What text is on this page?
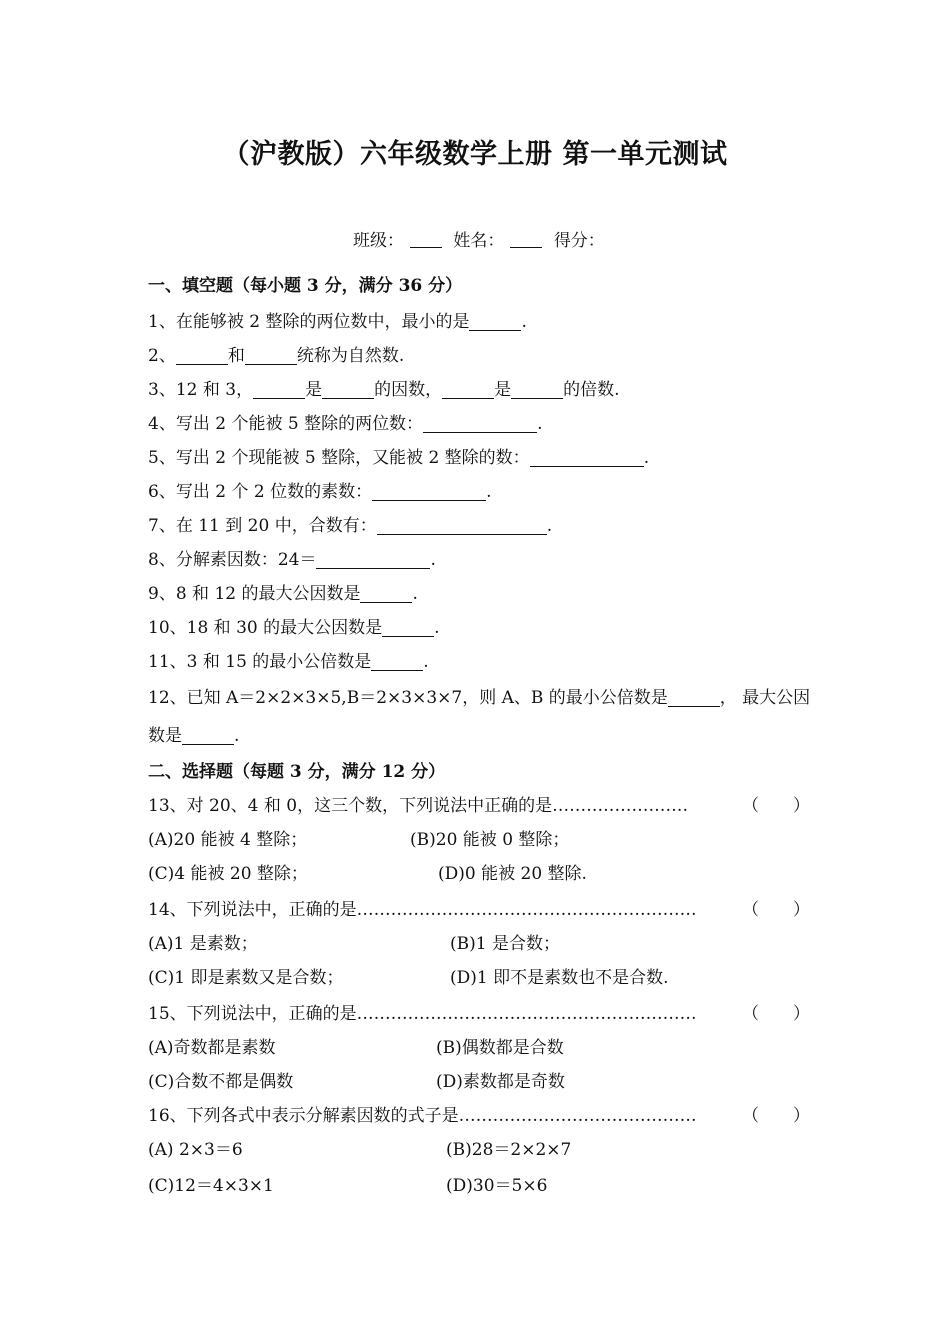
（沪教版）六年级数学上册 第一单元测试
班级：	姓名：	得分：
一、填空题（每小题 3 分，满分 36 分）
1、在能够被 2 整除的两位数中，最小的是	.
2、	和	统称为自然数.
3、12 和 3，	是	的因数，	是	的倍数.
4、写出 2 个能被 5 整除的两位数：	.
5、写出 2 个现能被 5 整除，又能被 2 整除的数：	.
6、写出 2 个 2 位数的素数：	.
7、在 11 到 20 中，合数有：	.
8、分解素因数：24＝	.
9、8 和 12 的最大公因数是	.
10、18 和 30 的最大公因数是	.
11、3 和 15 的最小公倍数是	.
12、已知 A＝2×2×3×5,B＝2×3×3×7，则 A、B 的最小公倍数是	， 最大公因
数是	.
二、选择题（每题 3 分，满分 12 分）
13、对 20、4 和 0，这三个数，下列说法中正确的是……………………	（　　）
(A)20 能被 4 整除；	(B)20 能被 0 整除；
(C)4 能被 20 整除；	(D)0 能被 20 整除.
14、下列说法中，正确的是……………………………………………………	（　　）
(A)1 是素数；	(B)1 是合数；
(C)1 即是素数又是合数；	(D)1 即不是素数也不是合数.
15、下列说法中，正确的是……………………………………………………	（　　）
(A)奇数都是素数	(B)偶数都是合数
(C)合数不都是偶数	(D)素数都是奇数
16、下列各式中表示分解素因数的式子是……………………………………	（　　）
(A) 2×3＝6	(B)28＝2×2×7
(C)12＝4×3×1	(D)30＝5×6
